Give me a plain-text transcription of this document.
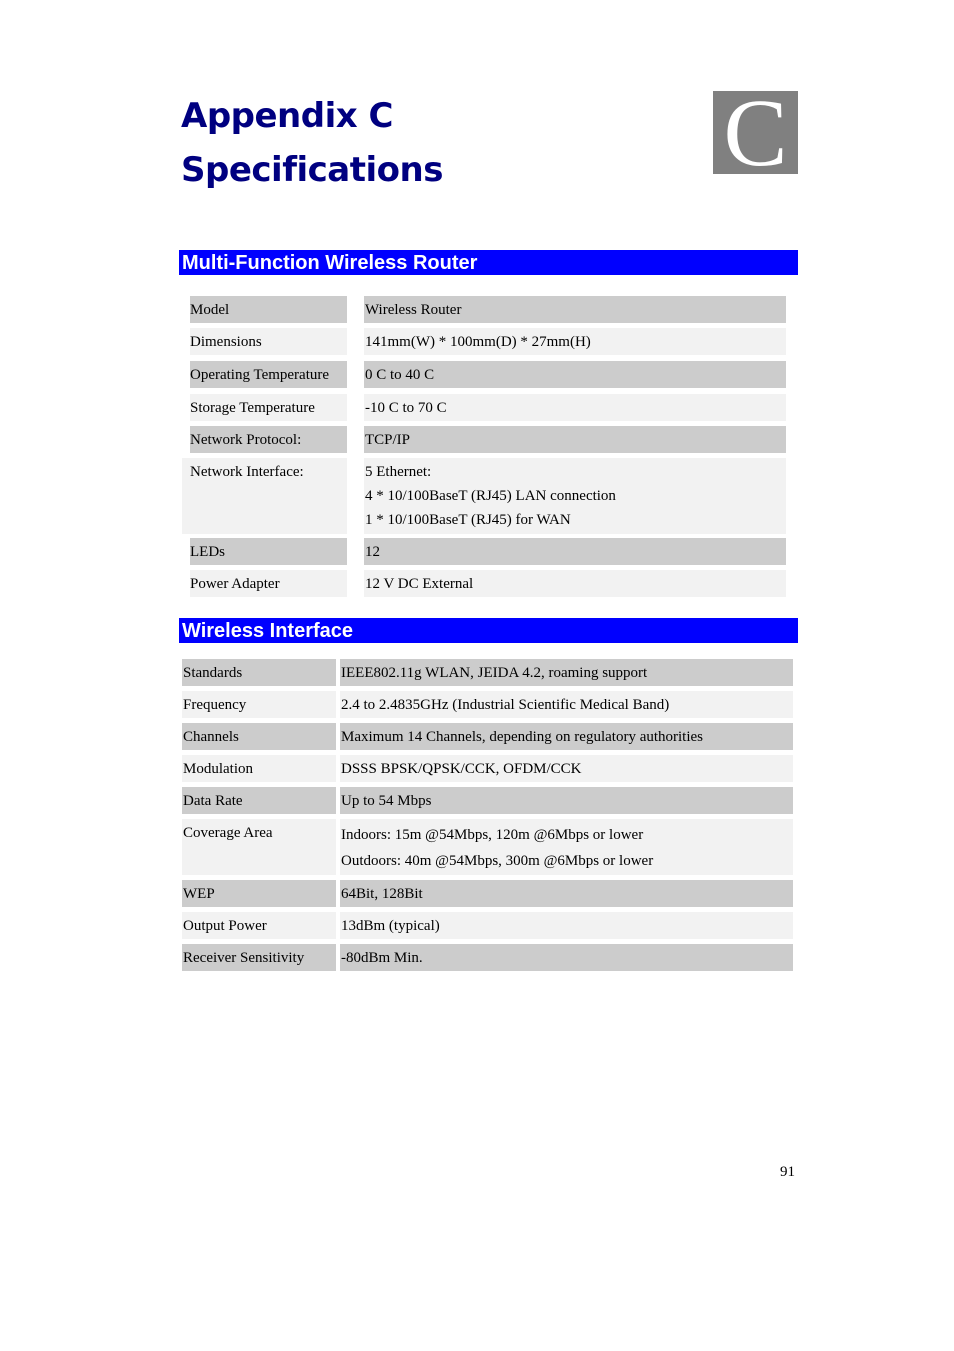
Appendix C
Specifications	C
Multi-Function Wireless Router
Model	Wireless Router
Dimensions	141mm(W) * 100mm(D) * 27mm(H)
Operating Temperature	0 C to 40 C
Storage Temperature	-10 C to 70 C
Network Protocol:	TCP/IP
Network Interface:	5 Ethernet:
4 * 10/100BaseT (RJ45) LAN connection
1 * 10/100BaseT (RJ45) for WAN
LEDs	12
Power Adapter	12 V DC External
Wireless Interface
Standards	IEEE802.11g WLAN, JEIDA 4.2, roaming support
Frequency	2.4 to 2.4835GHz (Industrial Scientific Medical Band)
Channels	Maximum 14 Channels, depending on regulatory authorities
Modulation	DSSS BPSK/QPSK/CCK, OFDM/CCK
Data Rate	Up to 54 Mbps
Coverage Area	Indoors: 15m @54Mbps, 120m @6Mbps or lower
Outdoors: 40m @54Mbps, 300m @6Mbps or lower
WEP	64Bit, 128Bit
Output Power	13dBm (typical)
Receiver Sensitivity	-80dBm Min.
91
